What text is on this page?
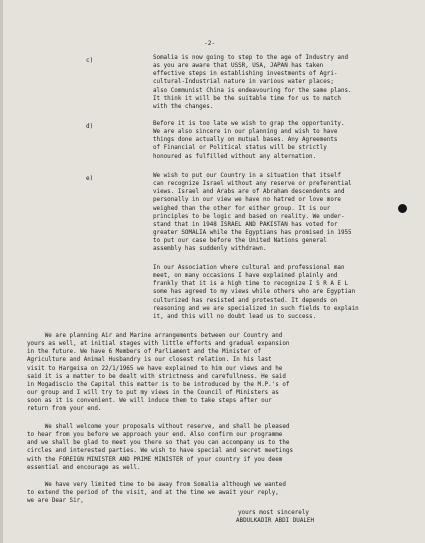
-2-
c)	Somalia is now going to step to the age of Industry and
as you are aware that USSR, USA, JAPAN has taken
effective steps in establishing investments of Agri-
cultural-Industrial nature in various water places;
also Communist China is endeavouring for the same plans.
It think it will be the suitable time for us to match
with the changes.
d)	Before it is too late we wish to grap the opportunity.
We are also sincere in our planning and wish to have
things done actually on mutual bases. Any Agreements
of Financial or Political status will be strictly
honoured as fulfilled without any alternation.
e)	We wish to put our Country in a situation that itself
can recognize Israel without any reserve or preferential
views. Israel and Arabs are of Abraham descendents and
personally in our view we have no hatred or love more
weighed than the other for either group. It is our
principles to be logic and based on reality. We under-
stand that in 1948 ISRAEL AND PAKISTAN has voted for
greater SOMALIA while the Egyptians has promised in 1955
to put our case before the United Nations general
assembly has suddenly withdrawn.
In our Association where cultural and professional man
meet, on many occasions I have explained plainly and
frankly that it is a high time to recognize I S R A E L
some has agreed to my views while others who are Egyptian
culturized has resisted and protested. It depends on
reasoning and we are specialized in such fields to explain
it, and this will no doubt lead us to success.
We are planning Air and Marine arrangements between our Country and
yours as well, at initial stages with little efforts and gradual expansion
in the future. We have 6 Members of Parliament and the Minister of
Agriculture and Animal Husbandry is our closest relation. In his last
visit to Hargeisa on 22/1/1965 we have explained to him our views and he
said it is a matter to be dealt with strictness and carefullness. He said
in Mogadiscio the Capital this matter is to be introduced by the M.P.'s of
our group and I will try to put my views in the Council of Ministers as
soon as it is convenient. We will induce them to take steps after our
return from your end.
We shall welcome your proposals without reserve, and shall be pleased
to hear from you before we approach your end. Also confirm our programme
and we shall be glad to meet you there so that you can accompany us to the
circles and interested parties. We wish to have special and secret meetings
with the FOREIGN MINISTER AND PRIME MINISTER of your country if you deem
essential and encourage as well.
We have very limited time to be away from Somalia although we wanted
to extend the period of the visit, and at the time we await your reply,
we are Dear Sir,
yours most sincerely
ABDULKADIR ABDI DUALEH
